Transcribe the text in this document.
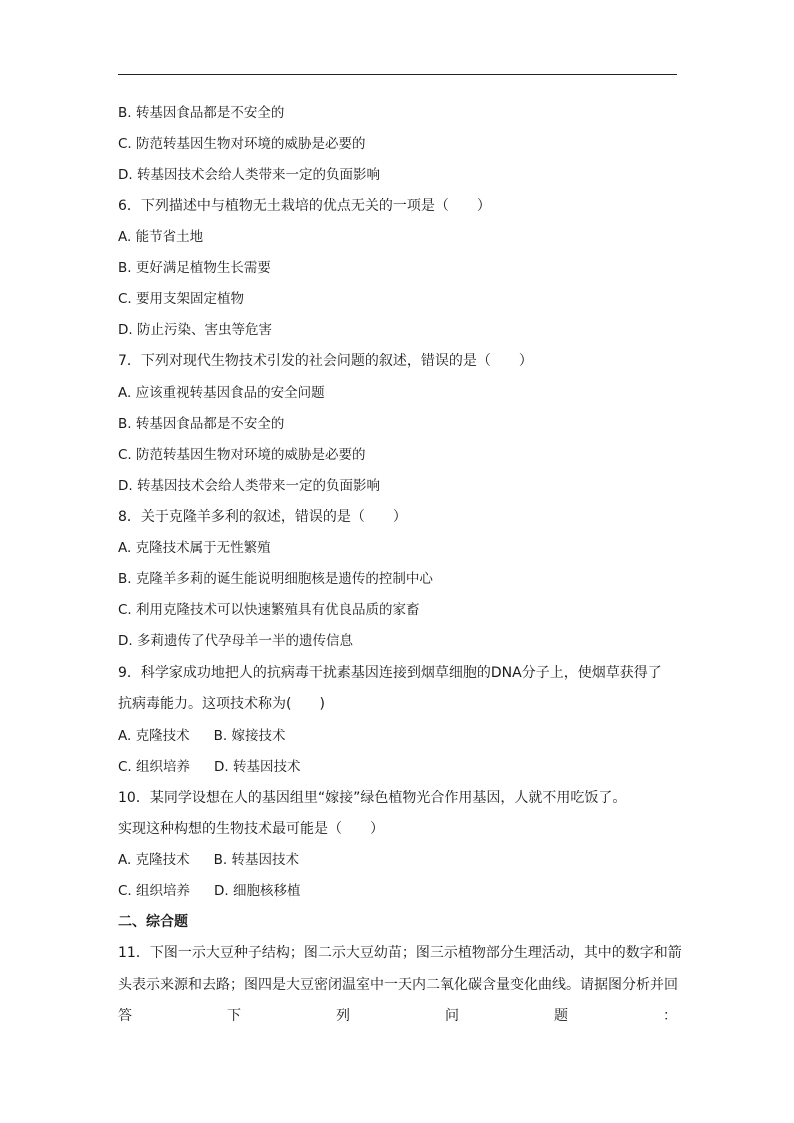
B. 转基因食品都是不安全的
C. 防范转基因生物对环境的威胁是必要的
D. 转基因技术会给人类带来一定的负面影响
6．下列描述中与植物无土栽培的优点无关的一项是（　　）
A. 能节省土地
B. 更好满足植物生长需要
C. 要用支架固定植物
D. 防止污染、害虫等危害
7．下列对现代生物技术引发的社会问题的叙述，错误的是（　　）
A. 应该重视转基因食品的安全问题
B. 转基因食品都是不安全的
C. 防范转基因生物对环境的威胁是必要的
D. 转基因技术会给人类带来一定的负面影响
8．关于克隆羊多利的叙述，错误的是（　　）
A. 克隆技术属于无性繁殖
B. 克隆羊多莉的诞生能说明细胞核是遗传的控制中心
C. 利用克隆技术可以快速繁殖具有优良品质的家畜
D. 多莉遗传了代孕母羊一半的遗传信息
9．科学家成功地把人的抗病毒干扰素基因连接到烟草细胞的DNA分子上，使烟草获得了
抗病毒能力。这项技术称为(　　)
A. 克隆技术 B. 嫁接技术
C. 组织培养 D. 转基因技术
10．某同学设想在人的基因组里“嫁接”绿色植物光合作用基因，人就不用吃饭了。
实现这种构想的生物技术最可能是（　　）
A. 克隆技术 B. 转基因技术
C. 组织培养 D. 细胞核移植
二、综合题
11．下图一示大豆种子结构；图二示大豆幼苗；图三示植物部分生理活动，其中的数字和箭
头表示来源和去路；图四是大豆密闭温室中一天内二氧化碳含量变化曲线。请据图分析并回
答	下	列	问	题	：
